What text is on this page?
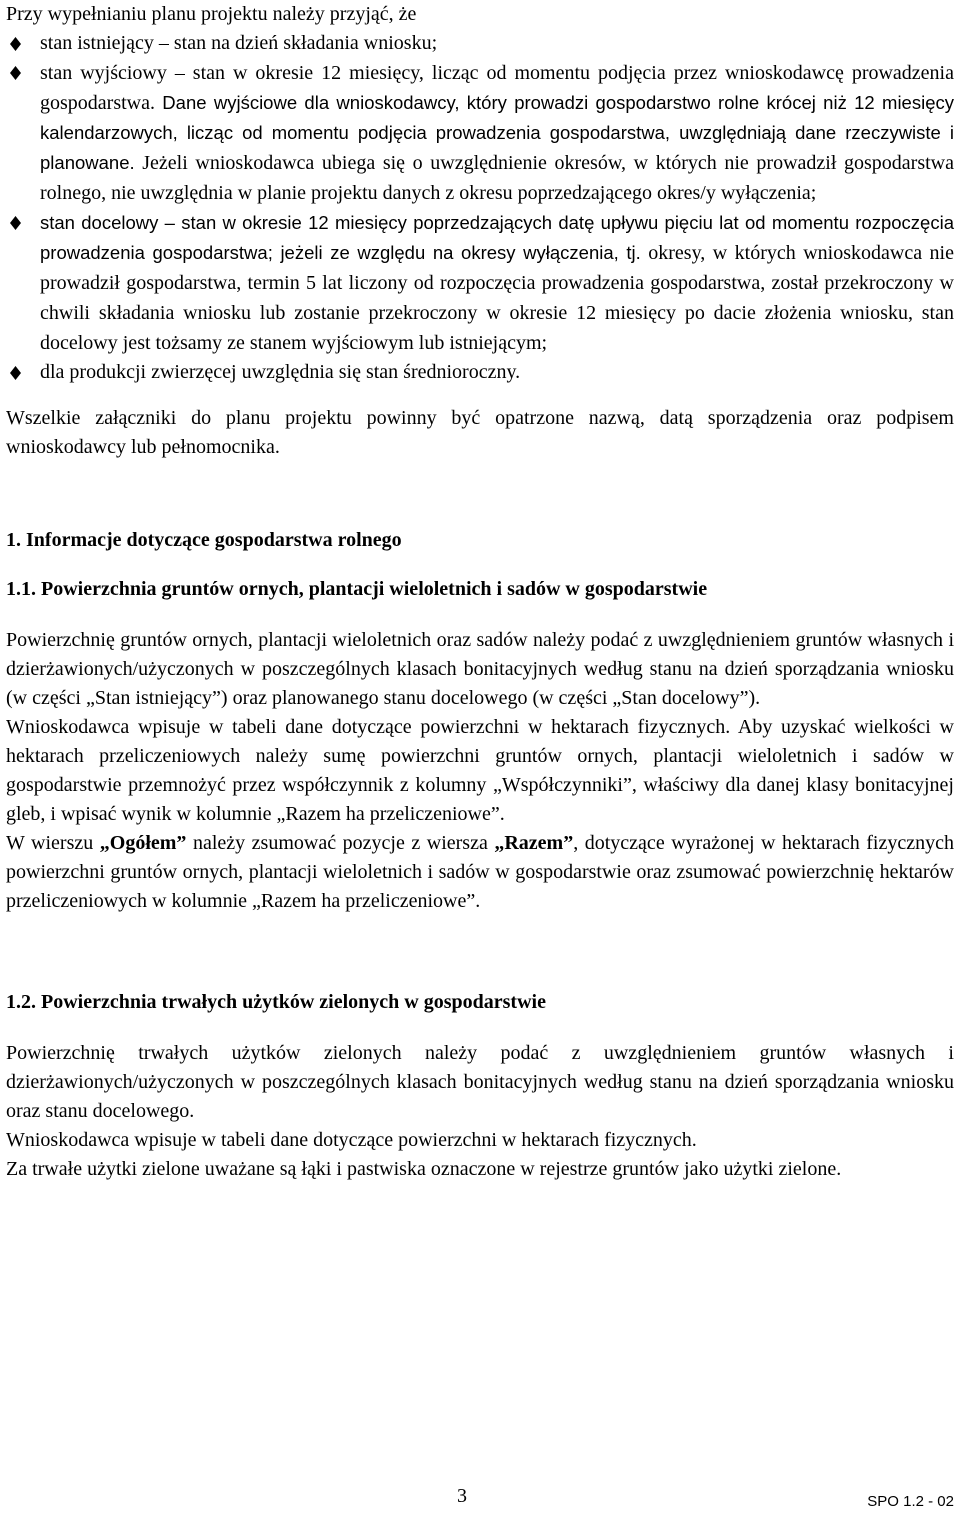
Przy wypełnianiu planu projektu należy przyjąć, że

stan istniejący – stan na dzień składania wniosku;
stan wyjściowy – stan w okresie 12 miesięcy, licząc od momentu podjęcia przez wnioskodawcę prowadzenia gospodarstwa. Dane wyjściowe dla wnioskodawcy, który prowadzi gospodarstwo rolne krócej niż 12 miesięcy kalendarzowych, licząc od momentu podjęcia prowadzenia gospodarstwa, uwzględniają dane rzeczywiste i planowane. Jeżeli wnioskodawca ubiega się o uwzględnienie okresów, w których nie prowadził gospodarstwa rolnego, nie uwzględnia w planie projektu danych z okresu poprzedzającego okres/y wyłączenia;
stan docelowy – stan w okresie 12 miesięcy poprzedzających datę upływu pięciu lat od momentu rozpoczęcia prowadzenia gospodarstwa; jeżeli ze względu na okresy wyłączenia, tj. okresy, w których wnioskodawca nie prowadził gospodarstwa, termin 5 lat liczony od rozpoczęcia prowadzenia gospodarstwa, został przekroczony w chwili składania wniosku lub zostanie przekroczony w okresie 12 miesięcy po dacie złożenia wniosku, stan docelowy jest tożsamy ze stanem wyjściowym lub istniejącym;
dla produkcji zwierzęcej uwzględnia się stan średnioroczny.

Wszelkie załączniki do planu projektu powinny być opatrzone nazwą, datą sporządzenia oraz podpisem wnioskodawcy lub pełnomocnika.

1. Informacje dotyczące gospodarstwa rolnego
1.1. Powierzchnia gruntów ornych, plantacji wieloletnich i sadów w gospodarstwie

Powierzchnię gruntów ornych, plantacji wieloletnich oraz sadów należy podać z uwzględnieniem gruntów własnych i dzierżawionych/użyczonych w poszczególnych klasach bonitacyjnych według stanu na dzień sporządzania wniosku (w części „Stan istniejący”) oraz planowanego stanu docelowego (w części „Stan docelowy”).

Wnioskodawca wpisuje w tabeli dane dotyczące powierzchni w hektarach fizycznych. Aby uzyskać wielkości w hektarach przeliczeniowych należy sumę powierzchni gruntów ornych, plantacji wieloletnich i sadów w gospodarstwie przemnożyć przez współczynnik z kolumny „Współczynniki”, właściwy dla danej klasy bonitacyjnej gleb, i wpisać wynik w kolumnie „Razem ha przeliczeniowe”.

W wierszu „Ogółem” należy zsumować pozycje z wiersza „Razem”, dotyczące wyrażonej w hektarach fizycznych powierzchni gruntów ornych, plantacji wieloletnich i sadów w gospodarstwie oraz zsumować powierzchnię hektarów przeliczeniowych w kolumnie „Razem ha przeliczeniowe”.

1.2. Powierzchnia trwałych użytków zielonych w gospodarstwie

Powierzchnię trwałych użytków zielonych należy podać z uwzględnieniem gruntów własnych i dzierżawionych/użyczonych w poszczególnych klasach bonitacyjnych według stanu na dzień sporządzania wniosku oraz stanu docelowego.

Wnioskodawca wpisuje w tabeli dane dotyczące powierzchni w hektarach fizycznych.

Za trwałe użytki zielone uważane są łąki i pastwiska oznaczone w rejestrze gruntów jako użytki zielone.

3	SPO 1.2 - 02
